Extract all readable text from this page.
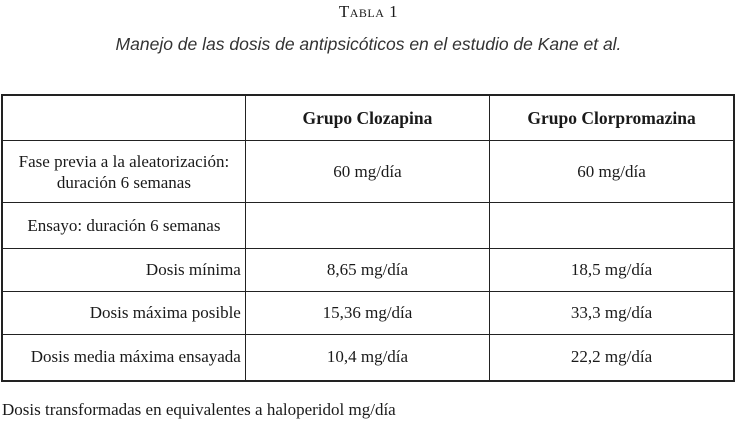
Tabla 1
Manejo de las dosis de antipsicóticos en el estudio de Kane et al.
	Grupo Clozapina	Grupo Clorpromazina
Fase previa a la aleatorización: duración 6 semanas	60 mg/día	60 mg/día
Ensayo: duración 6 semanas		
Dosis mínima	8,65 mg/día	18,5 mg/día
Dosis máxima posible	15,36 mg/día	33,3 mg/día
Dosis media máxima ensayada	10,4 mg/día	22,2 mg/día
Dosis transformadas en equivalentes a haloperidol mg/día
